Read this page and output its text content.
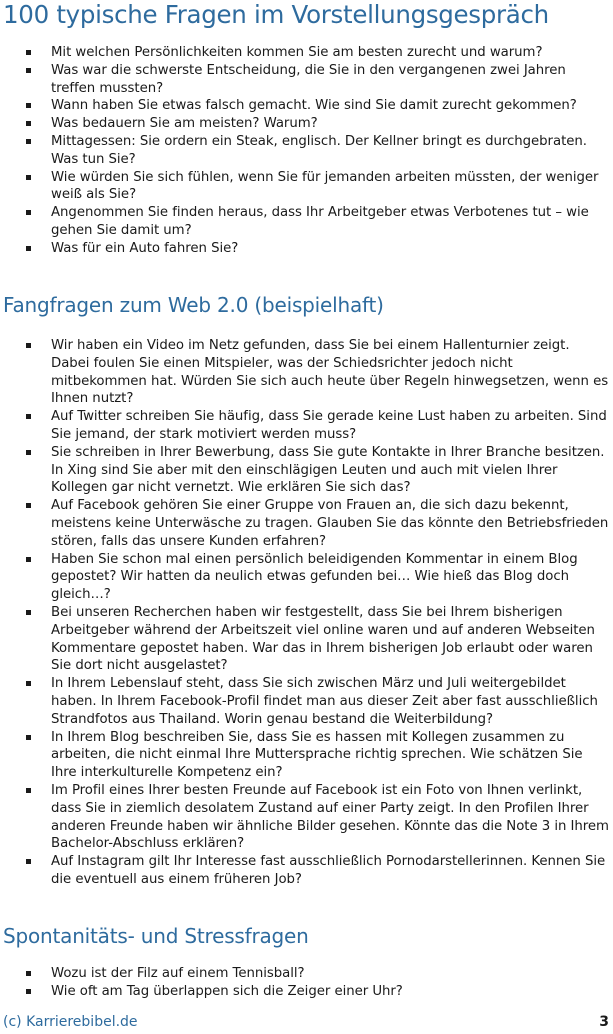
100 typische Fragen im Vorstellungsgespräch
Mit welchen Persönlichkeiten kommen Sie am besten zurecht und warum?
Was war die schwerste Entscheidung, die Sie in den vergangenen zwei Jahren treffen mussten?
Wann haben Sie etwas falsch gemacht. Wie sind Sie damit zurecht gekommen?
Was bedauern Sie am meisten? Warum?
Mittagessen: Sie ordern ein Steak, englisch. Der Kellner bringt es durchgebraten. Was tun Sie?
Wie würden Sie sich fühlen, wenn Sie für jemanden arbeiten müssten, der weniger weiß als Sie?
Angenommen Sie finden heraus, dass Ihr Arbeitgeber etwas Verbotenes tut – wie gehen Sie damit um?
Was für ein Auto fahren Sie?
Fangfragen zum Web 2.0 (beispielhaft)
Wir haben ein Video im Netz gefunden, dass Sie bei einem Hallenturnier zeigt. Dabei foulen Sie einen Mitspieler, was der Schiedsrichter jedoch nicht mitbekommen hat. Würden Sie sich auch heute über Regeln hinwegsetzen, wenn es Ihnen nutzt?
Auf Twitter schreiben Sie häufig, dass Sie gerade keine Lust haben zu arbeiten. Sind Sie jemand, der stark motiviert werden muss?
Sie schreiben in Ihrer Bewerbung, dass Sie gute Kontakte in Ihrer Branche besitzen. In Xing sind Sie aber mit den einschlägigen Leuten und auch mit vielen Ihrer Kollegen gar nicht vernetzt. Wie erklären Sie sich das?
Auf Facebook gehören Sie einer Gruppe von Frauen an, die sich dazu bekennt, meistens keine Unterwäsche zu tragen. Glauben Sie das könnte den Betriebsfrieden stören, falls das unsere Kunden erfahren?
Haben Sie schon mal einen persönlich beleidigenden Kommentar in einem Blog gepostet? Wir hatten da neulich etwas gefunden bei… Wie hieß das Blog doch gleich…?
Bei unseren Recherchen haben wir festgestellt, dass Sie bei Ihrem bisherigen Arbeitgeber während der Arbeitszeit viel online waren und auf anderen Webseiten Kommentare gepostet haben. War das in Ihrem bisherigen Job erlaubt oder waren Sie dort nicht ausgelastet?
In Ihrem Lebenslauf steht, dass Sie sich zwischen März und Juli weitergebildet haben. In Ihrem Facebook-Profil findet man aus dieser Zeit aber fast ausschließlich Strandfotos aus Thailand. Worin genau bestand die Weiterbildung?
In Ihrem Blog beschreiben Sie, dass Sie es hassen mit Kollegen zusammen zu arbeiten, die nicht einmal Ihre Muttersprache richtig sprechen. Wie schätzen Sie Ihre interkulturelle Kompetenz ein?
Im Profil eines Ihrer besten Freunde auf Facebook ist ein Foto von Ihnen verlinkt, dass Sie in ziemlich desolatem Zustand auf einer Party zeigt. In den Profilen Ihrer anderen Freunde haben wir ähnliche Bilder gesehen. Könnte das die Note 3 in Ihrem Bachelor-Abschluss erklären?
Auf Instagram gilt Ihr Interesse fast ausschließlich Pornodarstellerinnen. Kennen Sie die eventuell aus einem früheren Job?
Spontanitäts- und Stressfragen
Wozu ist der Filz auf einem Tennisball?
Wie oft am Tag überlappen sich die Zeiger einer Uhr?
(c) Karrierebibel.de	3
